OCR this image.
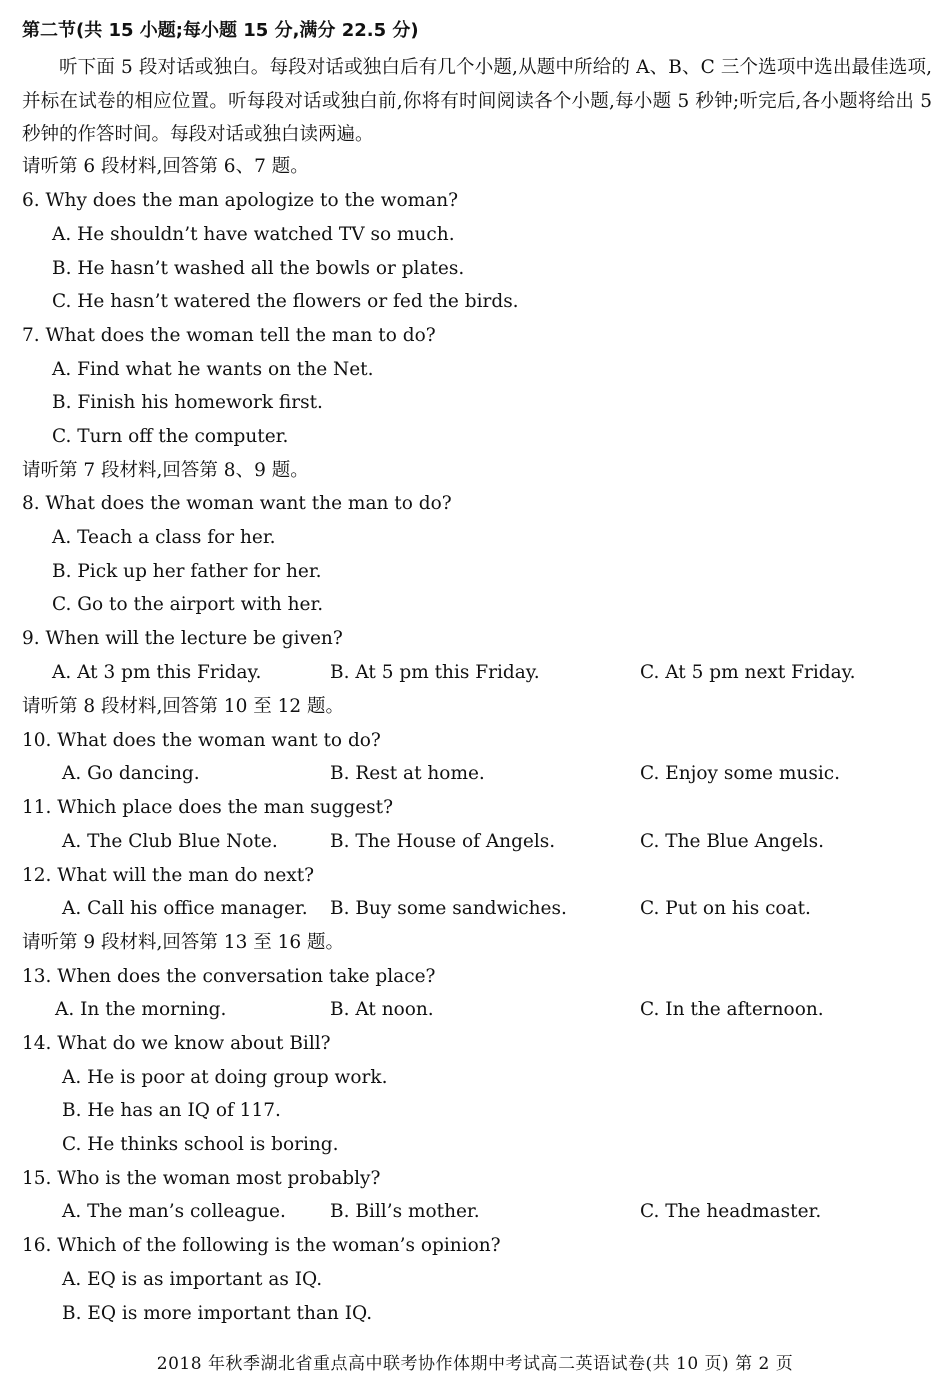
第二节(共 15 小题;每小题 15 分,满分 22.5 分)
听下面 5 段对话或独白。每段对话或独白后有几个小题,从题中所给的 A、B、C 三个选项中选出最佳选项,并标在试卷的相应位置。听每段对话或独白前,你将有时间阅读各个小题,每小题 5 秒钟;听完后,各小题将给出 5 秒钟的作答时间。每段对话或独白读两遍。
请听第 6 段材料,回答第 6、7 题。
6. Why does the man apologize to the woman?
A. He shouldn’t have watched TV so much.
B. He hasn’t washed all the bowls or plates.
C. He hasn’t watered the flowers or fed the birds.
7. What does the woman tell the man to do?
A. Find what he wants on the Net.
B. Finish his homework first.
C. Turn off the computer.
请听第 7 段材料,回答第 8、9 题。
8. What does the woman want the man to do?
A. Teach a class for her.
B. Pick up her father for her.
C. Go to the airport with her.
9. When will the lecture be given?
A. At 3 pm this Friday.	B. At 5 pm this Friday.	C. At 5 pm next Friday.
请听第 8 段材料,回答第 10 至 12 题。
10. What does the woman want to do?
A. Go dancing.	B. Rest at home.	C. Enjoy some music.
11. Which place does the man suggest?
A. The Club Blue Note.	B. The House of Angels.	C. The Blue Angels.
12. What will the man do next?
A. Call his office manager. B. Buy some sandwiches.	C. Put on his coat.
请听第 9 段材料,回答第 13 至 16 题。
13. When does the conversation take place?
A. In the morning.	B. At noon.	C. In the afternoon.
14. What do we know about Bill?
A. He is poor at doing group work.
B. He has an IQ of 117.
C. He thinks school is boring.
15. Who is the woman most probably?
A. The man’s colleague. B. Bill’s mother.	C. The headmaster.
16. Which of the following is the woman’s opinion?
A. EQ is as important as IQ.
B. EQ is more important than IQ.
2018 年秋季湖北省重点高中联考协作体期中考试高二英语试卷(共 10 页) 第 2 页
